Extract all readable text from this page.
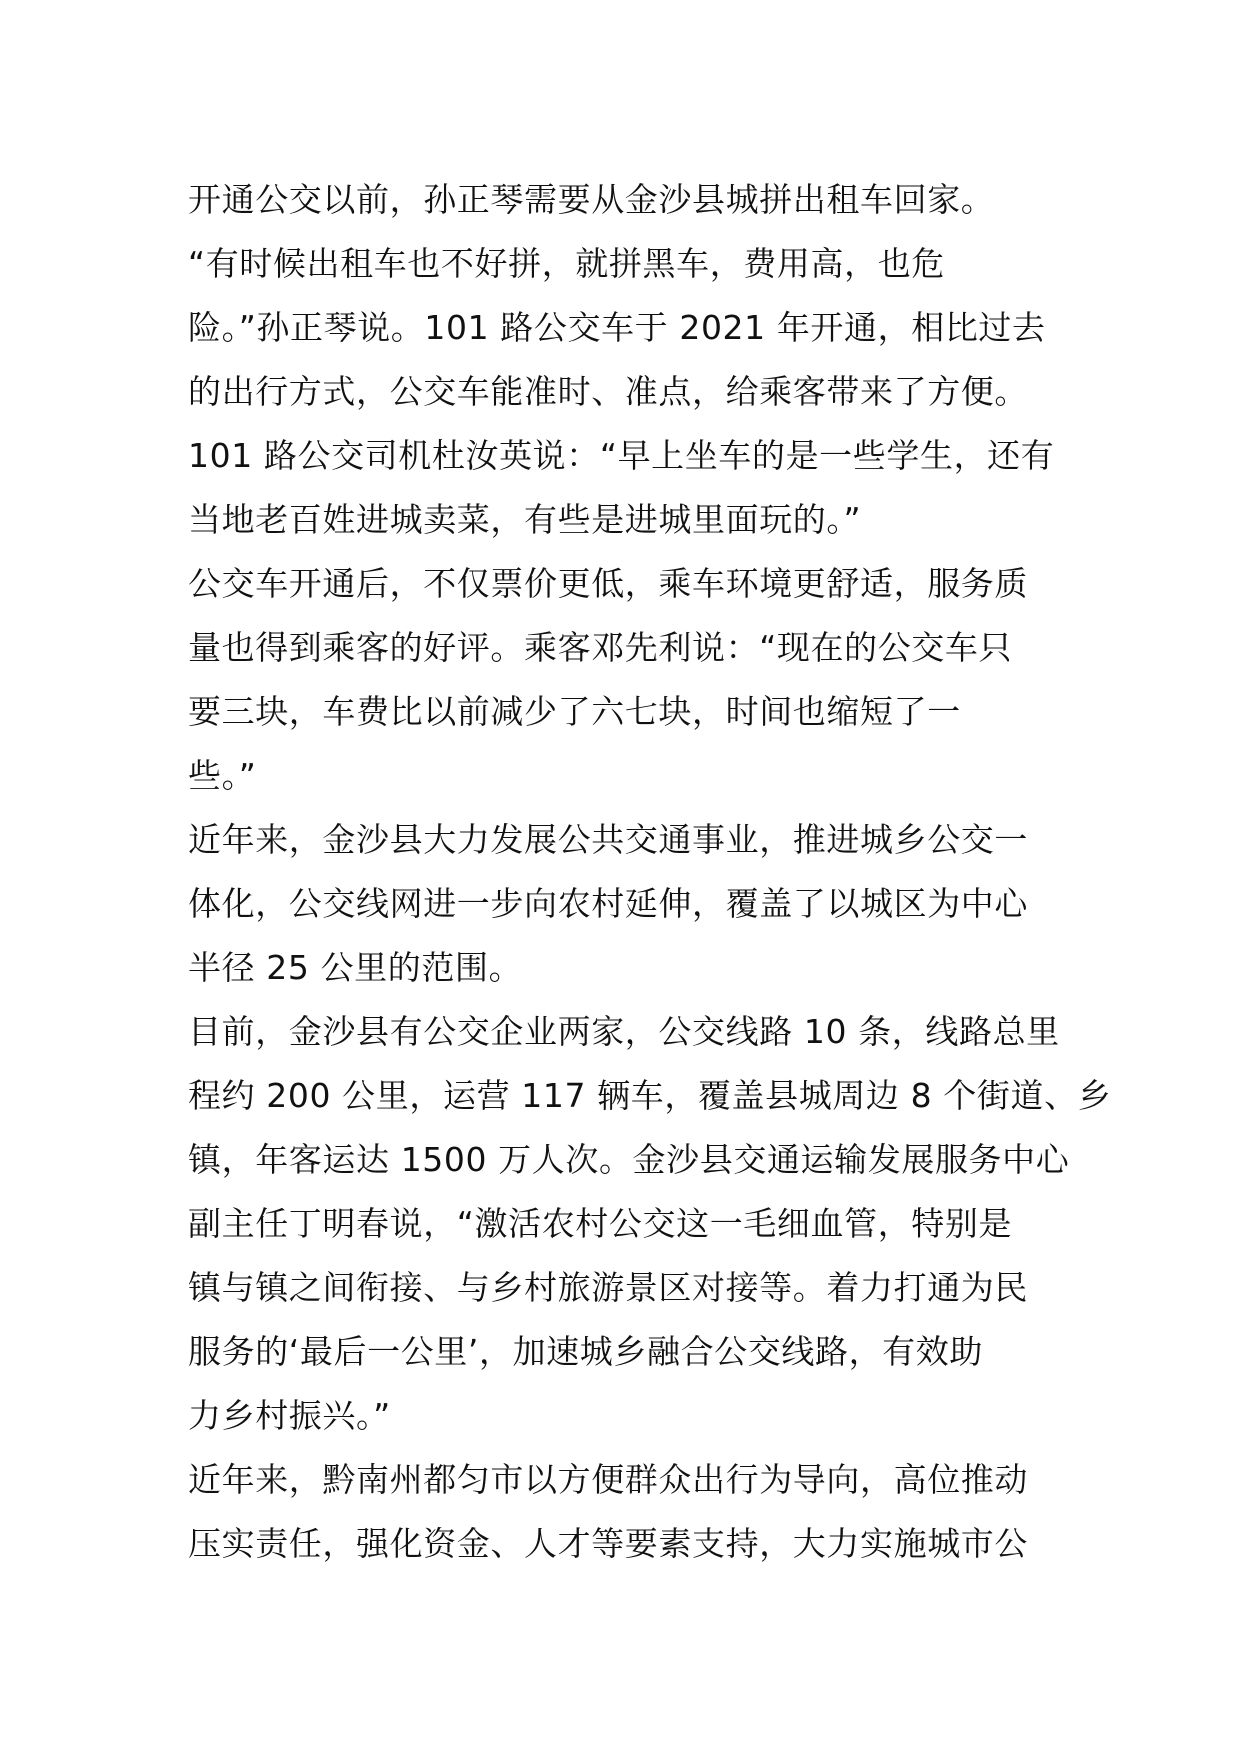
开通公交以前，孙正琴需要从金沙县城拼出租车回家。
“有时候出租车也不好拼，就拼黑车，费用高，也危
险。”孙正琴说。101 路公交车于 2021 年开通，相比过去
的出行方式，公交车能准时、准点，给乘客带来了方便。
101 路公交司机杜汝英说：“早上坐车的是一些学生，还有
当地老百姓进城卖菜，有些是进城里面玩的。”
公交车开通后，不仅票价更低，乘车环境更舒适，服务质
量也得到乘客的好评。乘客邓先利说：“现在的公交车只
要三块，车费比以前减少了六七块，时间也缩短了一
些。”
近年来，金沙县大力发展公共交通事业，推进城乡公交一
体化，公交线网进一步向农村延伸，覆盖了以城区为中心
半径 25 公里的范围。
目前，金沙县有公交企业两家，公交线路 10 条，线路总里
程约 200 公里，运营 117 辆车，覆盖县城周边 8 个街道、乡
镇，年客运达 1500 万人次。金沙县交通运输发展服务中心
副主任丁明春说，“激活农村公交这一毛细血管，特别是
镇与镇之间衔接、与乡村旅游景区对接等。着力打通为民
服务的‘最后一公里’，加速城乡融合公交线路，有效助
力乡村振兴。”
近年来，黔南州都匀市以方便群众出行为导向，高位推动
压实责任，强化资金、人才等要素支持，大力实施城市公
